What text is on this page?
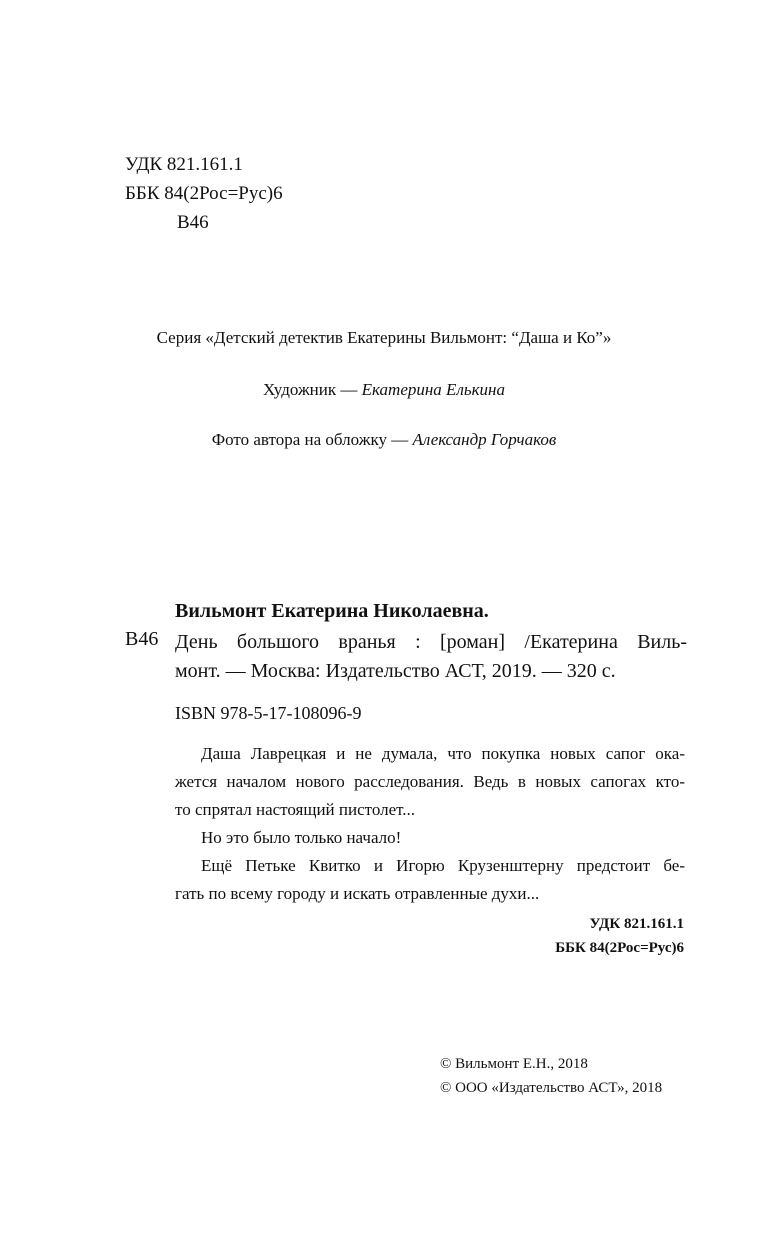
УДК 821.161.1
ББК 84(2Рос=Рус)6
В46
Серия «Детский детектив Екатерины Вильмонт: “Даша и Ко”»
Художник — Екатерина Елькина
Фото автора на обложку — Александр Горчаков
Вильмонт Екатерина Николаевна.
В46 День большого вранья : [роман] /Екатерина Виль-
монт. — Москва: Издательство АСТ, 2019. — 320 с.
ISBN 978-5-17-108096-9
Даша Лаврецкая и не думала, что покупка новых сапог ока-
жется началом нового расследования. Ведь в новых сапогах кто-
то спрятал настоящий пистолет...
Но это было только начало!
Ещё Петьке Квитко и Игорю Крузенштерну предстоит бе-
гать по всему городу и искать отравленные духи...
УДК 821.161.1
ББК 84(2Рос=Рус)6
© Вильмонт Е.Н., 2018
© ООО «Издательство АСТ», 2018
